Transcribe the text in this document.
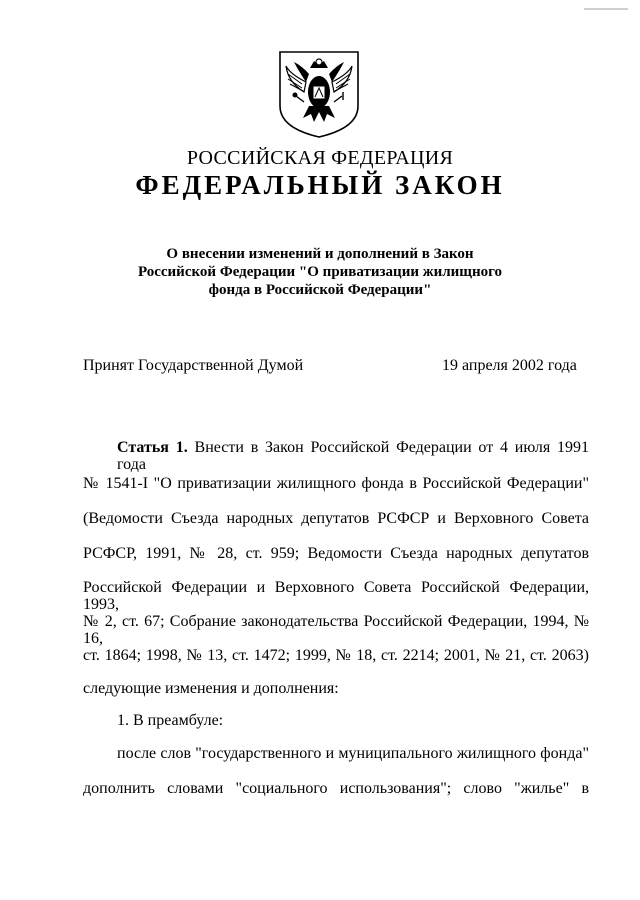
РОССИЙСКАЯ ФЕДЕРАЦИЯ
ФЕДЕРАЛЬНЫЙ ЗАКОН
О внесении изменений и дополнений в Закон
Российской Федерации "О приватизации жилищного
фонда в Российской Федерации"
Принят Государственной Думой	19 апреля 2002 года
Статья 1. Внести в Закон Российской Федерации от 4 июля 1991 года
№ 1541-I "О приватизации жилищного фонда в Российской Федерации"
(Ведомости Съезда народных депутатов РСФСР и Верховного Совета
РСФСР, 1991, № 28, ст. 959; Ведомости Съезда народных депутатов
Российской Федерации и Верховного Совета Российской Федерации, 1993,
№ 2, ст. 67; Собрание законодательства Российской Федерации, 1994, № 16,
ст. 1864; 1998, № 13, ст. 1472; 1999, № 18, ст. 2214; 2001, № 21, ст. 2063)
следующие изменения и дополнения:
1. В преамбуле:
после слов "государственного и муниципального жилищного фонда"
дополнить словами "социального использования"; слово "жилье" в
